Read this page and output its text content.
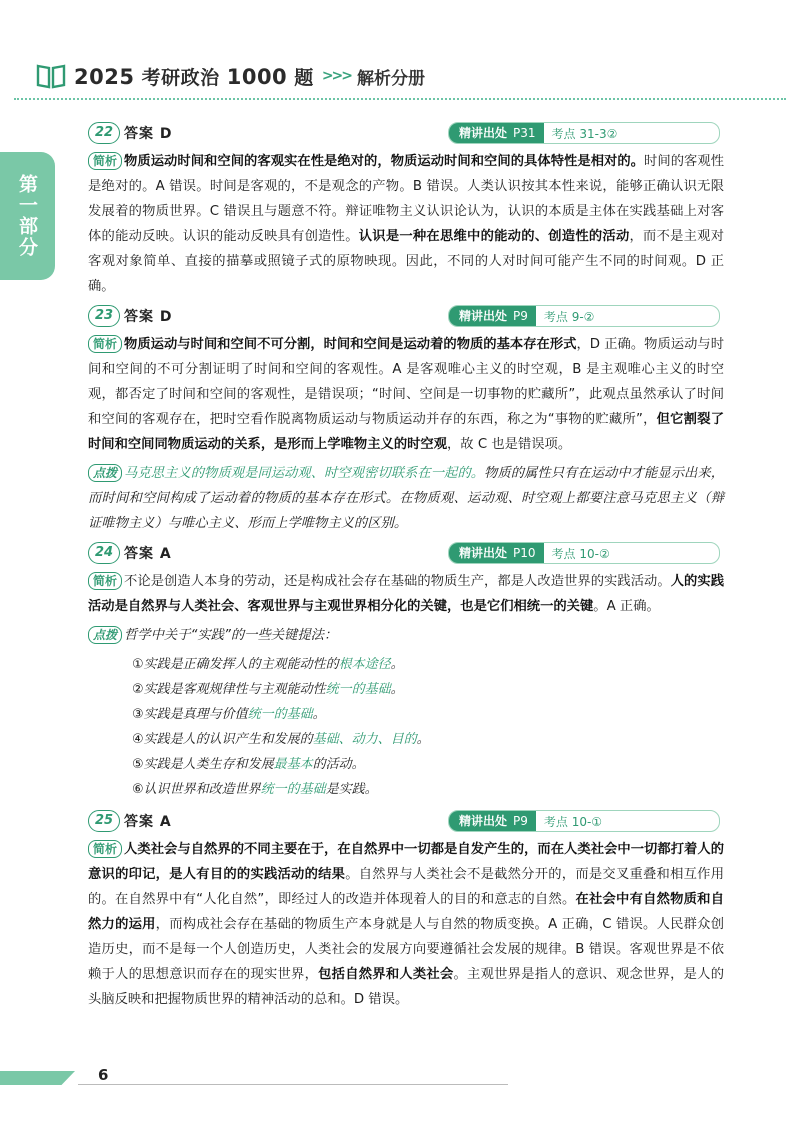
2025 考研政治 1000 题 >>> 解析分册
第一部分
22 答案 D	精讲出处 P31	考点 31-3②

简析 物质运动时间和空间的客观实在性是绝对的，物质运动时间和空间的具体特性是相对的。时间的客观性是绝对的。A 错误。时间是客观的，不是观念的产物。B 错误。人类认识按其本性来说，能够正确认识无限发展着的物质世界。C 错误且与题意不符。辩证唯物主义认识论认为，认识的本质是主体在实践基础上对客体的能动反映。认识的能动反映具有创造性。认识是一种在思维中的能动的、创造性的活动，而不是主观对客观对象简单、直接的描摹或照镜子式的原物映现。因此，不同的人对时间可能产生不同的时间观。D 正确。

23 答案 D	精讲出处 P9	考点 9-②

简析 物质运动与时间和空间不可分割，时间和空间是运动着的物质的基本存在形式，D 正确。物质运动与时间和空间的不可分割证明了时间和空间的客观性。A 是客观唯心主义的时空观，B 是主观唯心主义的时空观，都否定了时间和空间的客观性，是错误项；“时间、空间是一切事物的贮藏所”，此观点虽然承认了时间和空间的客观存在，把时空看作脱离物质运动与物质运动并存的东西，称之为“事物的贮藏所”，但它割裂了时间和空间同物质运动的关系，是形而上学唯物主义的时空观，故 C 也是错误项。

点拨 马克思主义的物质观是同运动观、时空观密切联系在一起的。物质的属性只有在运动中才能显示出来，而时间和空间构成了运动着的物质的基本存在形式。在物质观、运动观、时空观上都要注意马克思主义（辩证唯物主义）与唯心主义、形而上学唯物主义的区别。

24 答案 A	精讲出处 P10	考点 10-②

简析 不论是创造人本身的劳动，还是构成社会存在基础的物质生产，都是人改造世界的实践活动。人的实践活动是自然界与人类社会、客观世界与主观世界相分化的关键，也是它们相统一的关键。A 正确。

点拨 哲学中关于“实践”的一些关键提法：

①实践是正确发挥人的主观能动性的根本途径。
②实践是客观规律性与主观能动性统一的基础。
③实践是真理与价值统一的基础。
④实践是人的认识产生和发展的基础、动力、目的。
⑤实践是人类生存和发展最基本的活动。
⑥认识世界和改造世界统一的基础是实践。
25 答案 A	精讲出处 P9	考点 10-①

简析 人类社会与自然界的不同主要在于，在自然界中一切都是自发产生的，而在人类社会中一切都打着人的意识的印记，是人有目的的实践活动的结果。自然界与人类社会不是截然分开的，而是交叉重叠和相互作用的。在自然界中有“人化自然”，即经过人的改造并体现着人的目的和意志的自然。在社会中有自然物质和自然力的运用，而构成社会存在基础的物质生产本身就是人与自然的物质变换。A 正确，C 错误。人民群众创造历史，而不是每一个人创造历史，人类社会的发展方向要遵循社会发展的规律。B 错误。客观世界是不依赖于人的思想意识而存在的现实世界，包括自然界和人类社会。主观世界是指人的意识、观念世界，是人的头脑反映和把握物质世界的精神活动的总和。D 错误。

6
